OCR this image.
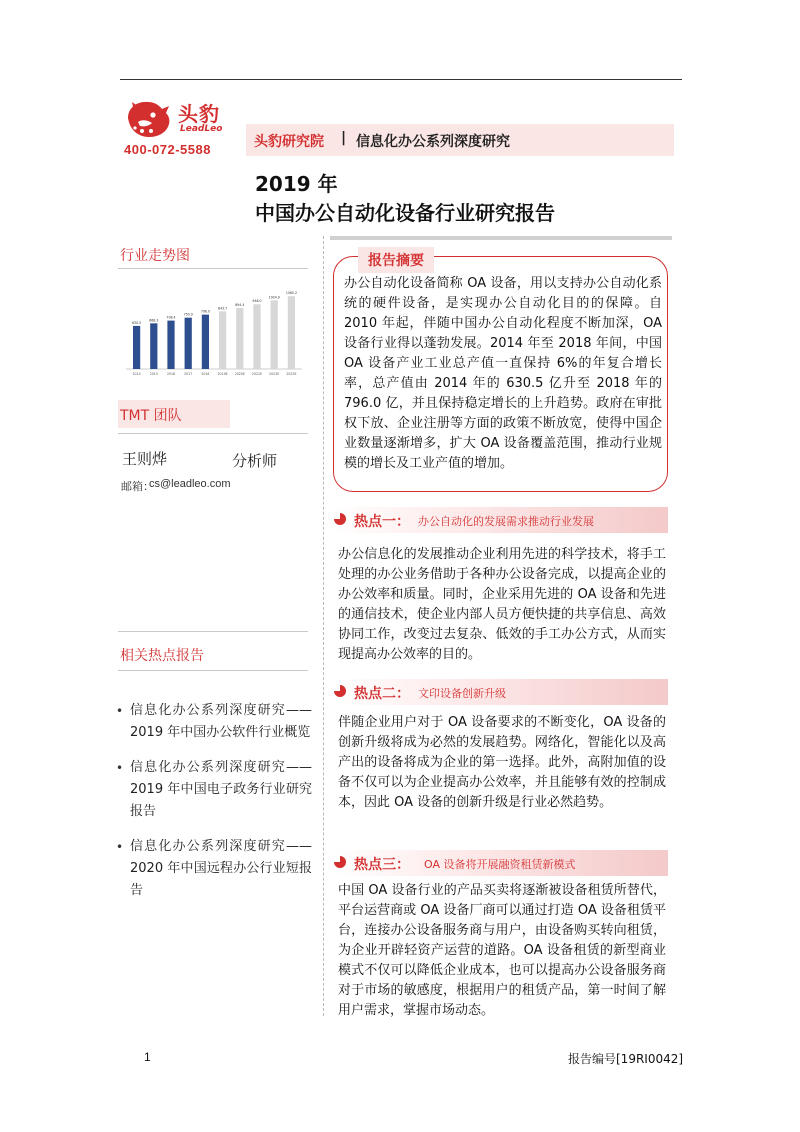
头豹
LeadLeo
400-072-5588	头豹研究院 | 信息化办公系列深度研究
2019 年
中国办公自动化设备行业研究报告
行业走势图
630.5
2014
668.3
2015
708.4
2016
750.9
2017
796.0
2018
843.7
2019E
894.4
2020E
948.0
2021E
1004.9
2022E
1065.2
2023E
TMT 团队
王则烨	分析师
邮箱：
cs@leadleo.com
相关热点报告
• 信息化办公系列深度研究——2019 年中国办公软件行业概览
• 信息化办公系列深度研究——2019 年中国电子政务行业研究报告
• 信息化办公系列深度研究——2020 年中国远程办公行业短报告
报告摘要
办公自动化设备简称 OA 设备，用以支持办公自动化系统的硬件设备，是实现办公自动化目的的保障。自 2010 年起，伴随中国办公自动化程度不断加深，OA 设备行业得以蓬勃发展。2014 年至 2018 年间，中国 OA 设备产业工业总产值一直保持 6%的年复合增长率，总产值由 2014 年的 630.5 亿升至 2018 年的 796.0 亿，并且保持稳定增长的上升趋势。政府在审批权下放、企业注册等方面的政策不断放宽，使得中国企业数量逐渐增多，扩大 OA 设备覆盖范围，推动行业规模的增长及工业产值的增加。
热点一： 办公自动化的发展需求推动行业发展
办公信息化的发展推动企业利用先进的科学技术，将手工处理的办公业务借助于各种办公设备完成，以提高企业的办公效率和质量。同时，企业采用先进的 OA 设备和先进的通信技术，使企业内部人员方便快捷的共享信息、高效协同工作，改变过去复杂、低效的手工办公方式，从而实现提高办公效率的目的。
热点二： 文印设备创新升级
伴随企业用户对于 OA 设备要求的不断变化，OA 设备的创新升级将成为必然的发展趋势。网络化，智能化以及高产出的设备将成为企业的第一选择。此外，高附加值的设备不仅可以为企业提高办公效率，并且能够有效的控制成本，因此 OA 设备的创新升级是行业必然趋势。
热点三： OA 设备将开展融资租赁新模式
中国 OA 设备行业的产品买卖将逐渐被设备租赁所替代，平台运营商或 OA 设备厂商可以通过打造 OA 设备租赁平台，连接办公设备服务商与用户，由设备购买转向租赁，为企业开辟轻资产运营的道路。OA 设备租赁的新型商业模式不仅可以降低企业成本，也可以提高办公设备服务商对于市场的敏感度，根据用户的租赁产品，第一时间了解用户需求，掌握市场动态。
1	报告编号[19RI0042]
